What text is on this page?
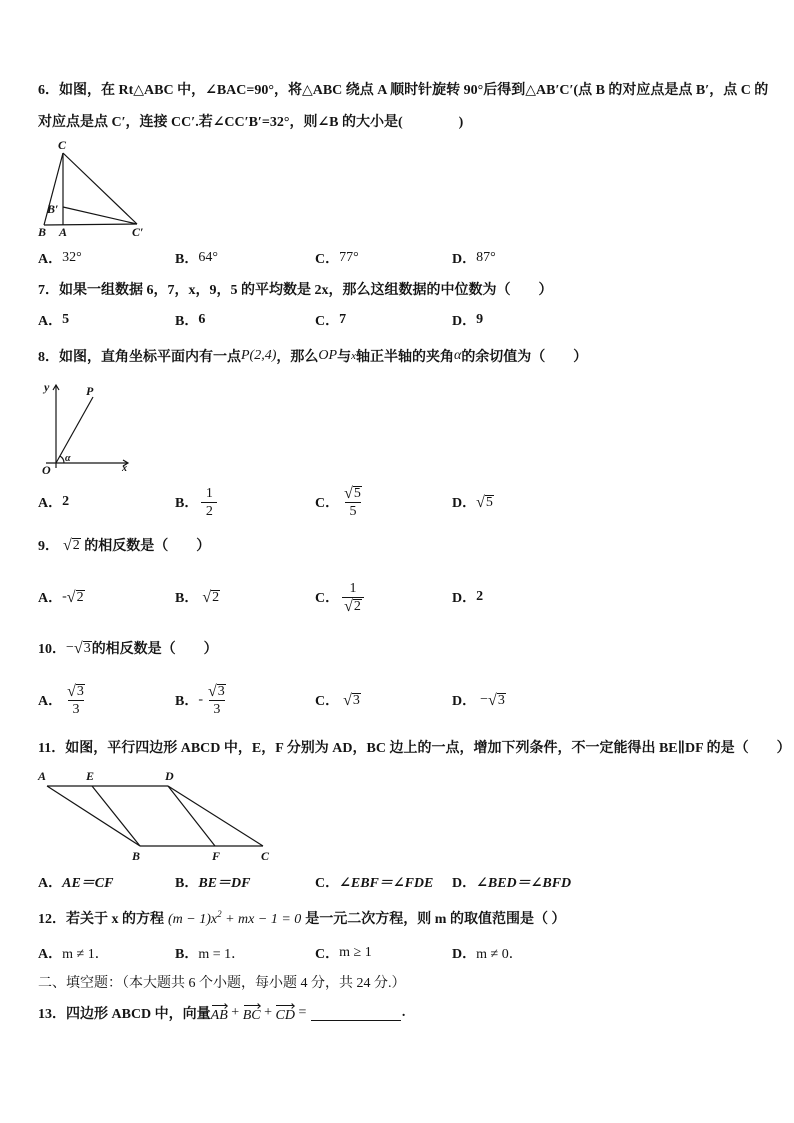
6．如图，在 Rt△ABC 中，∠BAC=90°，将△ABC 绕点 A 顺时针旋转 90°后得到△AB′C′(点 B 的对应点是点 B′，点 C 的对应点是点 C′，连接 CC′.若∠CC′B′=32°，则∠B 的大小是(　　　　)
C
B′
B A	C′
A． 32°	B． 64°	C． 77°	D． 87°
7． 如果一组数据 6，7，x，9，5 的平均数是 2x，那么这组数据的中位数为（　　）
A． 5	B． 6	C． 7	D． 9
8． 如图，直角坐标平面内有一点 P(2,4) ，那么 OP 与 x 轴正半轴的夹角 α 的余切值为（　　）
y	P
O
α
x
A． 2	B． $\frac{1}{2}$	C． $\frac{√ 5}{5}$	D． √ 5
9． √ 2 的相反数是（　　）
A． - √ 2	B． √ 2	C． $\frac{1}{√ 2}$	D． 2
10． − √ 3 的相反数是（　　）
A． $\frac{√ 3}{3}$	B． - $\frac{√ 3}{3}$	C． √ 3	D． − √ 3
11． 如图，平行四边形 ABCD 中，E，F 分别为 AD，BC 边上的一点，增加下列条件，不一定能得出 BE∥DF 的是（　　）
A	E	D
B	F	C
A． AE＝CF	B． BE＝DF	C． ∠EBF＝∠FDE D． ∠BED＝∠BFD
12． 若关于 x 的方程 $(m - 1)x^2$ + mx − 1 = 0 是一元二次方程，则 m 的取值范围是（ ）
A． m ≠ 1．	B． m = 1．	C． m ≥ 1	D． m ≠ 0．
二、填空题：（本大题共 6 个小题，每小题 4 分，共 24 分.）
13． 四边形 ABCD 中，向量 AB + BC + CD =	.
